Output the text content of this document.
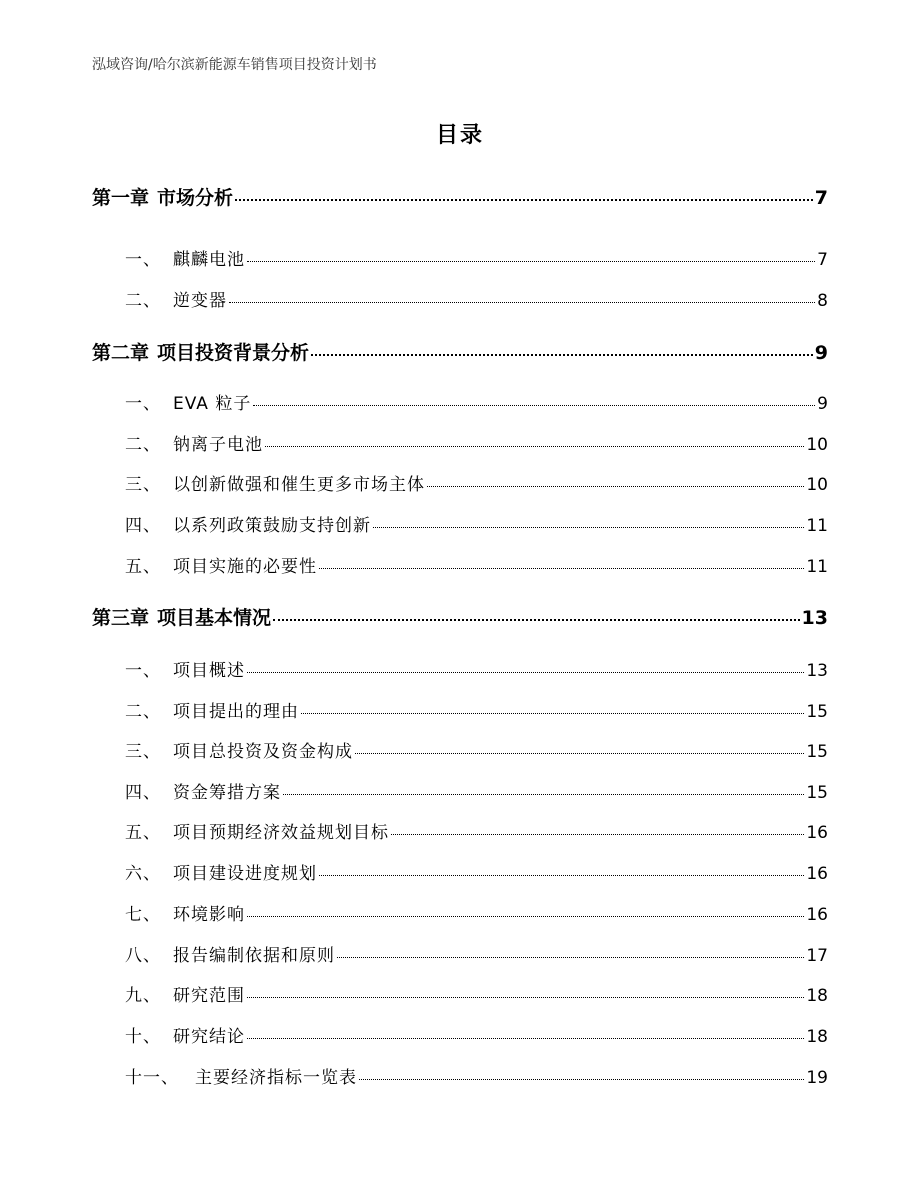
泓域咨询/哈尔滨新能源车销售项目投资计划书
目录
第一章 市场分析	7
一、 麒麟电池	7
二、 逆变器	8
第二章 项目投资背景分析	9
一、 EVA 粒子	9
二、 钠离子电池	10
三、 以创新做强和催生更多市场主体	10
四、 以系列政策鼓励支持创新	11
五、 项目实施的必要性	11
第三章 项目基本情况	13
一、 项目概述	13
二、 项目提出的理由	15
三、 项目总投资及资金构成	15
四、 资金筹措方案	15
五、 项目预期经济效益规划目标	16
六、 项目建设进度规划	16
七、 环境影响	16
八、 报告编制依据和原则	17
九、 研究范围	18
十、 研究结论	18
十一、 主要经济指标一览表	19
